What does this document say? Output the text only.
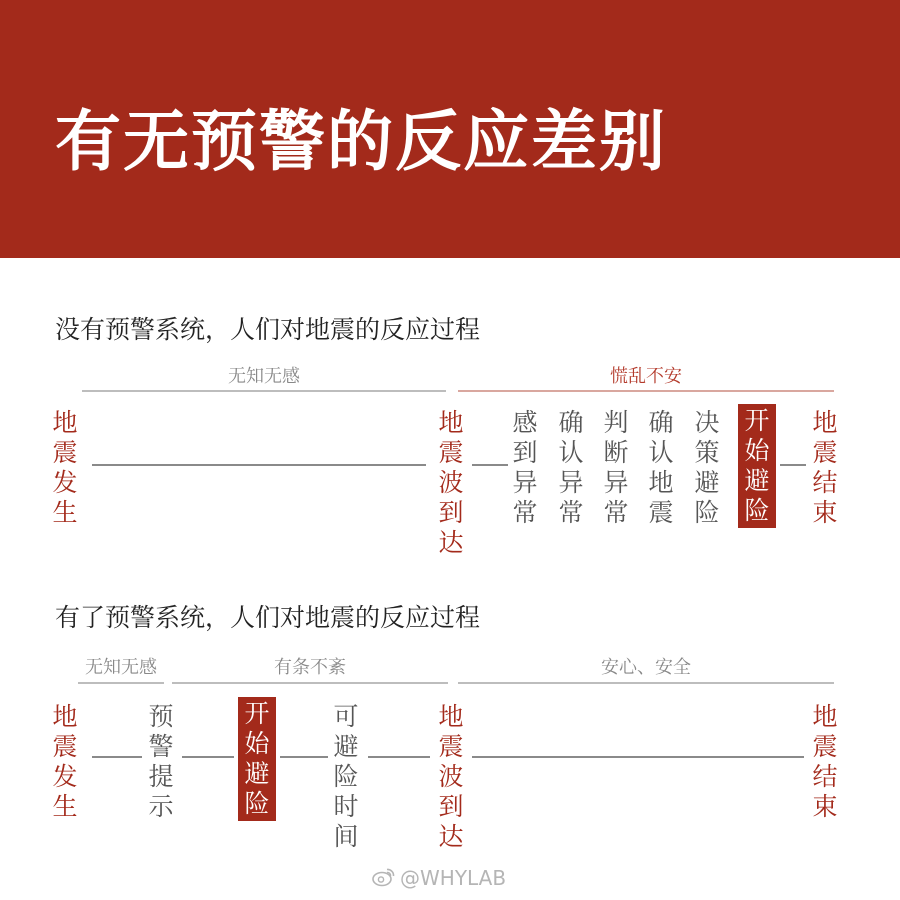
有无预警的反应差别
没有预警系统，人们对地震的反应过程
无知无感	慌乱不安
地震发生
地震波到达
感到异常
确认异常
判断异常
确认地震
决策避险
开始避险
地震结束
有了预警系统，人们对地震的反应过程
无知无感	有条不紊	安心、安全
地震发生
预警提示
开始避险
可避险时间
地震波到达
地震结束
@WHYLAB
